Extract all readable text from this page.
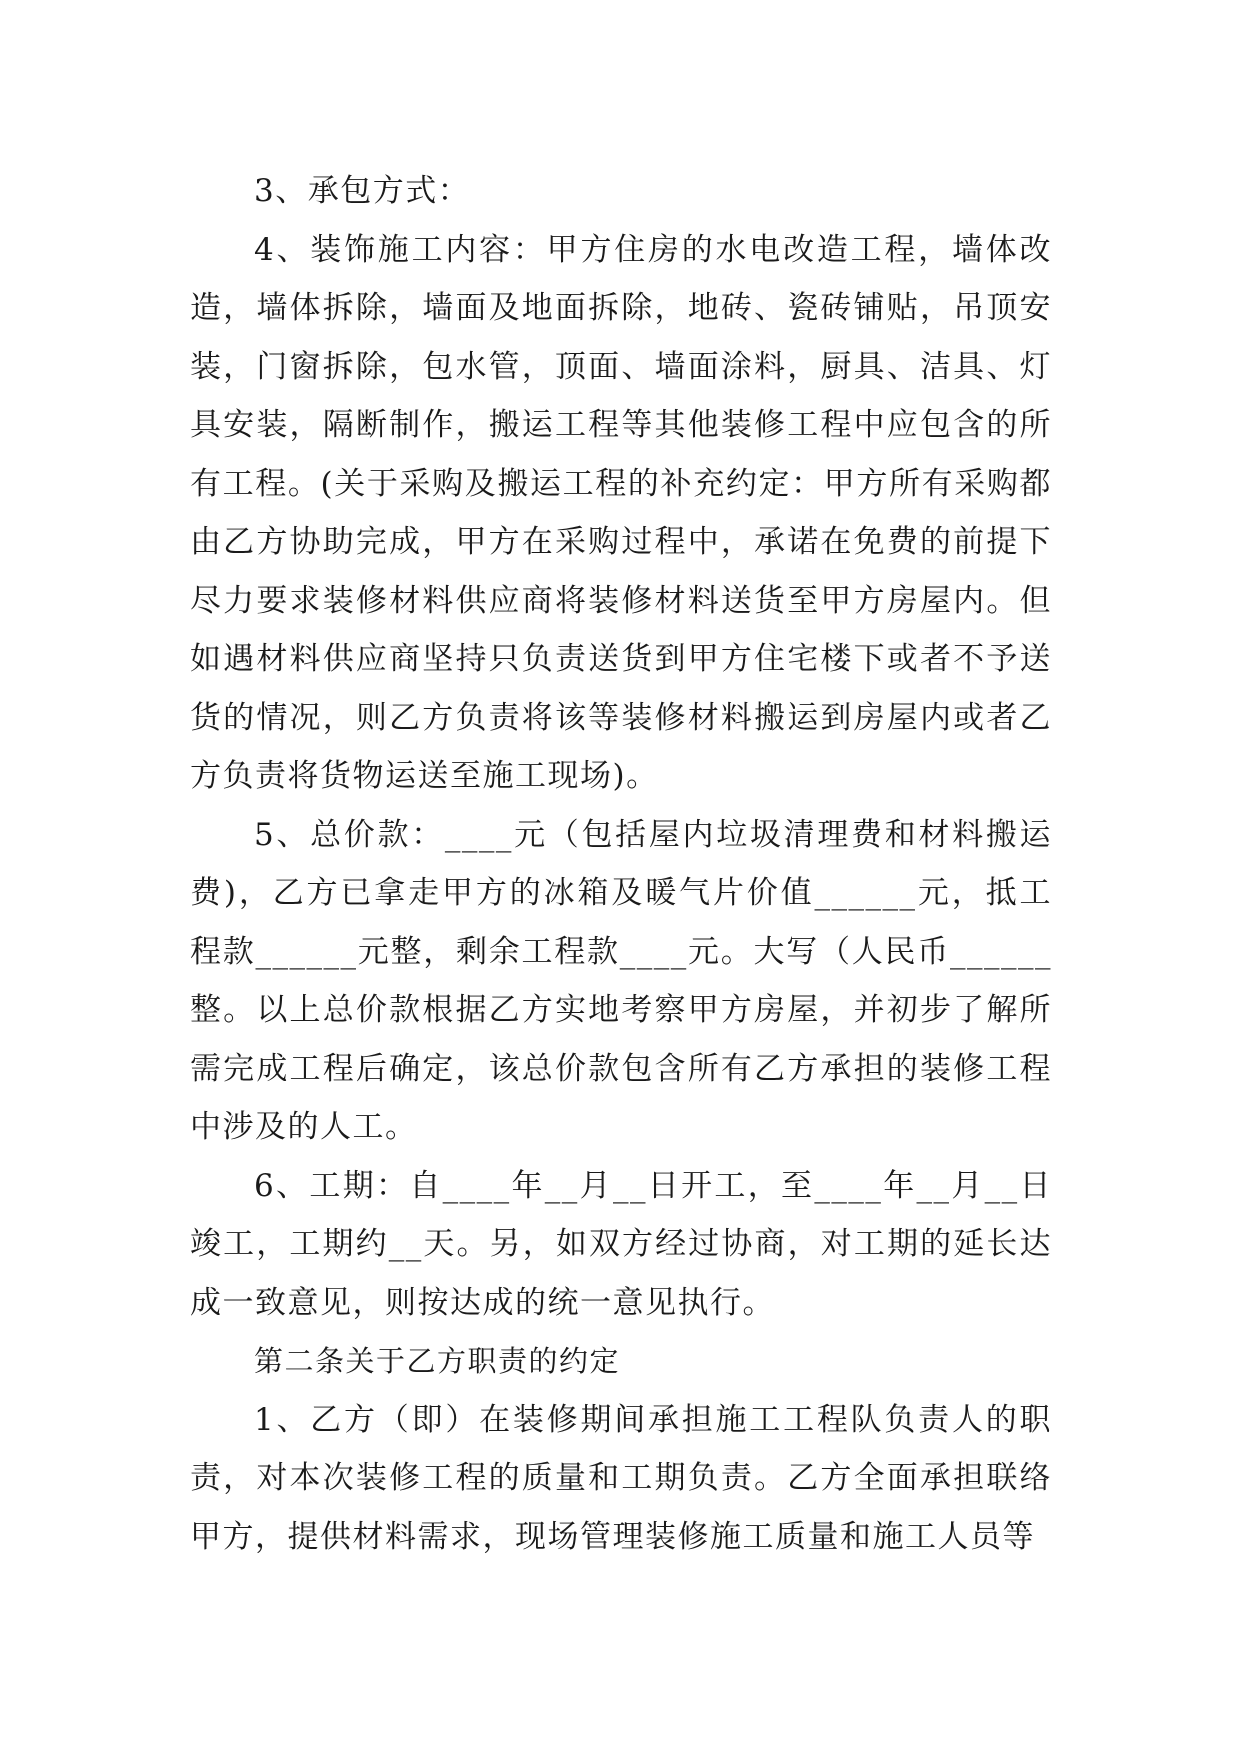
3、承包方式：

4、装饰施工内容：甲方住房的水电改造工程，墙体改造，墙体拆除，墙面及地面拆除，地砖、瓷砖铺贴，吊顶安装，门窗拆除，包水管，顶面、墙面涂料，厨具、洁具、灯具安装，隔断制作，搬运工程等其他装修工程中应包含的所有工程。(关于采购及搬运工程的补充约定：甲方所有采购都由乙方协助完成，甲方在采购过程中，承诺在免费的前提下尽力要求装修材料供应商将装修材料送货至甲方房屋内。但如遇材料供应商坚持只负责送货到甲方住宅楼下或者不予送货的情况，则乙方负责将该等装修材料搬运到房屋内或者乙方负责将货物运送至施工现场)。

5、总价款：____元（包括屋内垃圾清理费和材料搬运费)，乙方已拿走甲方的冰箱及暖气片价值______元，抵工程款______元整，剩余工程款____元。大写（人民币______整。以上总价款根据乙方实地考察甲方房屋，并初步了解所需完成工程后确定，该总价款包含所有乙方承担的装修工程中涉及的人工。

6、工期：自____年__月__日开工，至____年__月__日竣工，工期约__天。另，如双方经过协商，对工期的延长达成一致意见，则按达成的统一意见执行。

第二条关于乙方职责的约定

1、乙方（即）在装修期间承担施工工程队负责人的职责，对本次装修工程的质量和工期负责。乙方全面承担联络甲方，提供材料需求，现场管理装修施工质量和施工人员等
